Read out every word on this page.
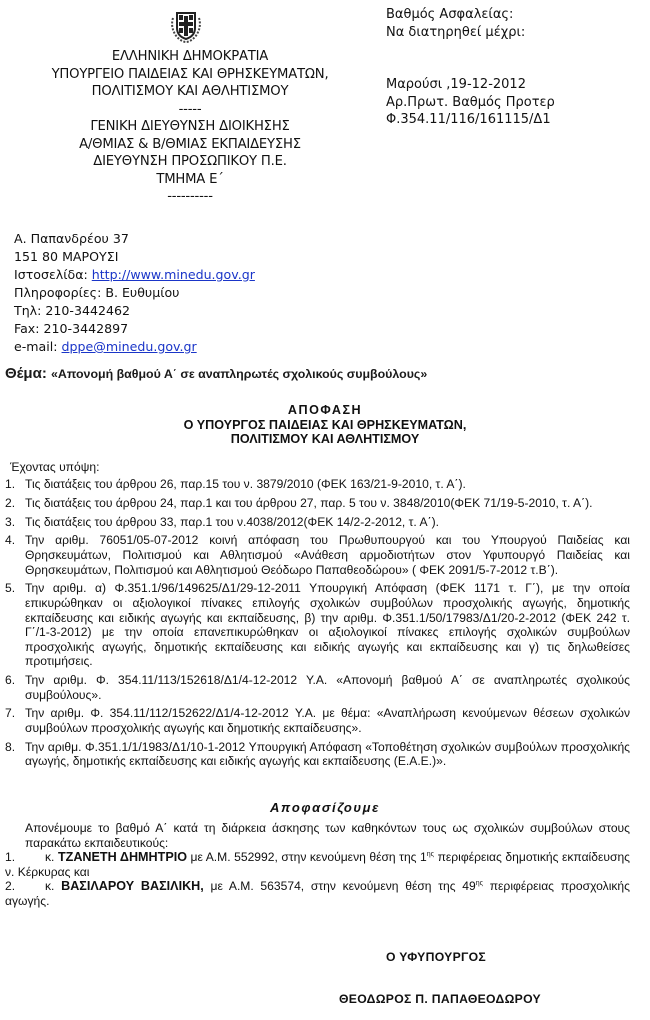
ΕΛΛΗΝΙΚΗ ΔΗΜΟΚΡΑΤΙΑ
ΥΠΟΥΡΓΕΙΟ ΠΑΙΔΕΙΑΣ ΚΑΙ ΘΡΗΣΚΕΥΜΑΤΩΝ,
ΠΟΛΙΤΙΣΜΟΥ ΚΑΙ ΑΘΛΗΤΙΣΜΟΥ
-----
ΓΕΝΙΚΗ ΔΙΕΥΘΥΝΣΗ ΔΙΟΙΚΗΣΗΣ
Α/ΘΜΙΑΣ & Β/ΘΜΙΑΣ ΕΚΠΑΙΔΕΥΣΗΣ
ΔΙΕΥΘΥΝΣΗ ΠΡΟΣΩΠΙΚΟΥ Π.Ε.
ΤΜΗΜΑ Ε΄
----------
Βαθμός Ασφαλείας:
Να διατηρηθεί μέχρι:
Μαρούσι ,19-12-2012
Αρ.Πρωτ. Βαθμός Προτερ
Φ.354.11/116/161115/Δ1
Α. Παπανδρέου 37
151 80 ΜΑΡΟΥΣΙ
Ιστοσελίδα: http://www.minedu.gov.gr
Πληροφορίες: Β. Ευθυμίου
Τηλ: 210-3442462
Fax: 210-3442897
e-mail: dppe@minedu.gov.gr
Θέμα: «Απονομή βαθμού Α΄ σε αναπληρωτές σχολικούς συμβούλους»
ΑΠΟΦΑΣΗ
Ο ΥΠΟΥΡΓΟΣ ΠΑΙΔΕΙΑΣ ΚΑΙ ΘΡΗΣΚΕΥΜΑΤΩΝ,
ΠΟΛΙΤΙΣΜΟΥ ΚΑΙ ΑΘΛΗΤΙΣΜΟΥ
Έχοντας υπόψη:
1. Τις διατάξεις του άρθρου 26, παρ.15 του ν. 3879/2010 (ΦΕΚ 163/21-9-2010, τ. Α΄).
2. Τις διατάξεις του άρθρου 24, παρ.1 και του άρθρου 27, παρ. 5 του ν. 3848/2010(ΦΕΚ 71/19-5-2010, τ. Α΄).
3. Τις διατάξεις του άρθρου 33, παρ.1 του ν.4038/2012(ΦΕΚ 14/2-2-2012, τ. Α΄).
4. Την αριθμ. 76051/05-07-2012 κοινή απόφαση του Πρωθυπουργού και του Υπουργού Παιδείας και Θρησκευμάτων, Πολιτισμού και Αθλητισμού «Ανάθεση αρμοδιοτήτων στον Υφυπουργό Παιδείας και Θρησκευμάτων, Πολιτισμού και Αθλητισμού Θεόδωρο Παπαθεοδώρου» ( ΦΕΚ 2091/5-7-2012 τ.Β΄).
5. Την αριθμ. α) Φ.351.1/96/149625/Δ1/29-12-2011 Υπουργική Απόφαση (ΦΕΚ 1171 τ. Γ΄), με την οποία επικυρώθηκαν οι αξιολογικοί πίνακες επιλογής σχολικών συμβούλων προσχολικής αγωγής, δημοτικής εκπαίδευσης και ειδικής αγωγής και εκπαίδευσης, β) την αριθμ. Φ.351.1/50/17983/Δ1/20-2-2012 (ΦΕΚ 242 τ. Γ΄/1-3-2012) με την οποία επανεπικυρώθηκαν οι αξιολογικοί πίνακες επιλογής σχολικών συμβούλων προσχολικής αγωγής, δημοτικής εκπαίδευσης και ειδικής αγωγής και εκπαίδευσης και γ) τις δηλωθείσες προτιμήσεις.
6. Την αριθμ. Φ. 354.11/113/152618/Δ1/4-12-2012 Υ.Α. «Απονομή βαθμού Α΄ σε αναπληρωτές σχολικούς συμβούλους».
7. Την αριθμ. Φ. 354.11/112/152622/Δ1/4-12-2012 Υ.Α. με θέμα: «Αναπλήρωση κενούμενων θέσεων σχολικών συμβούλων προσχολικής αγωγής και δημοτικής εκπαίδευσης».
8. Την αριθμ. Φ.351.1/1/1983/Δ1/10-1-2012 Υπουργική Απόφαση «Τοποθέτηση σχολικών συμβούλων προσχολικής αγωγής, δημοτικής εκπαίδευσης και ειδικής αγωγής και εκπαίδευσης (Ε.Α.Ε.)».
Αποφασίζουμε
Απονέμουμε το βαθμό Α΄ κατά τη διάρκεια άσκησης των καθηκόντων τους ως σχολικών συμβούλων στους παρακάτω εκπαιδευτικούς:
1. κ. ΤΖΑΝΕΤΗ ΔΗΜΗΤΡΙΟ με Α.Μ. 552992, στην κενούμενη θέση της $1^{\eta\varsigma}$ περιφέρειας δημοτικής εκπαίδευσης ν. Κέρκυρας και
2. κ. ΒΑΣΙΛΑΡΟΥ ΒΑΣΙΛΙΚΗ, με Α.Μ. 563574, στην κενούμενη θέση της $49^{\eta\varsigma}$ περιφέρειας προσχολικής αγωγής.
Ο ΥΦΥΠΟΥΡΓΟΣ
ΘΕΟΔΩΡΟΣ Π. ΠΑΠΑΘΕΟΔΩΡΟΥ
